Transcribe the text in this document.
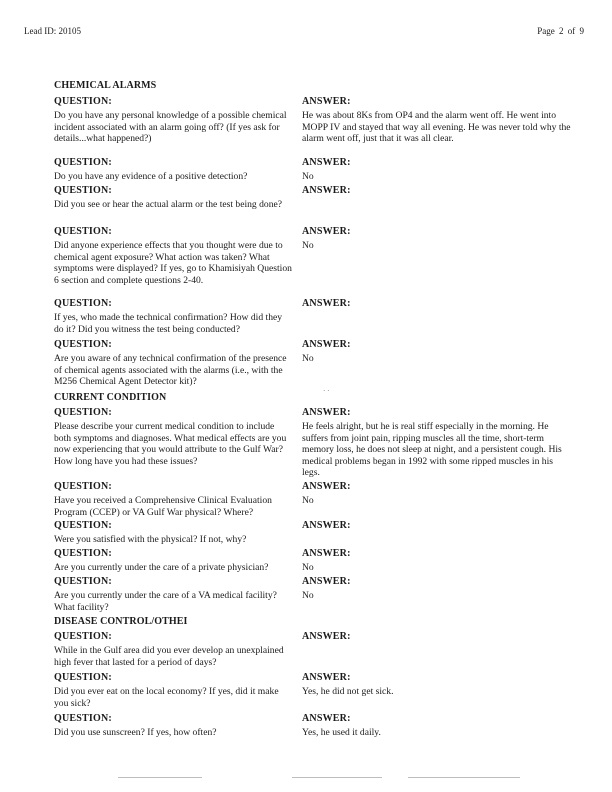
Lead ID: 20105	Page 2 of 9
CHEMICAL ALARMS
QUESTION:
Do you have any personal knowledge of a possible chemical incident associated with an alarm going off? (If yes ask for details...what happened?)
ANSWER:
He was about 8Ks from OP4 and the alarm went off. He went into MOPP IV and stayed that way all evening. He was never told why the alarm went off, just that it was all clear.
QUESTION:
Do you have any evidence of a positive detection?
ANSWER:
No
QUESTION:
Did you see or hear the actual alarm or the test being done?
ANSWER:
QUESTION:
Did anyone experience effects that you thought were due to chemical agent exposure? What action was taken? What symptoms were displayed? If yes, go to Khamisiyah Question 6 section and complete questions 2-40.
ANSWER:
No
QUESTION:
If yes, who made the technical confirmation? How did they do it? Did you witness the test being conducted?
ANSWER:
QUESTION:
Are you aware of any technical confirmation of the presence of chemical agents associated with the alarms (i.e., with the M256 Chemical Agent Detector kit)?
ANSWER:
No
· ·
CURRENT CONDITION
QUESTION:
Please describe your current medical condition to include both symptoms and diagnoses. What medical effects are you now experiencing that you would attribute to the Gulf War? How long have you had these issues?
ANSWER:
He feels alright, but he is real stiff especially in the morning. He suffers from joint pain, ripping muscles all the time, short-term memory loss, he does not sleep at night, and a persistent cough. His medical problems began in 1992 with some ripped muscles in his legs.
QUESTION:
Have you received a Comprehensive Clinical Evaluation Program (CCEP) or VA Gulf War physical? Where?
ANSWER:
No
QUESTION:
Were you satisfied with the physical? If not, why?
ANSWER:
QUESTION:
Are you currently under the care of a private physician?
ANSWER:
No
QUESTION:
Are you currently under the care of a VA medical facility? What facility?
ANSWER:
No
DISEASE CONTROL/OTHEI
QUESTION:
While in the Gulf area did you ever develop an unexplained high fever that lasted for a period of days?
ANSWER:
QUESTION:
Did you ever eat on the local economy? If yes, did it make you sick?
ANSWER:
Yes, he did not get sick.
QUESTION:
Did you use sunscreen? If yes, how often?
ANSWER:
Yes, he used it daily.
